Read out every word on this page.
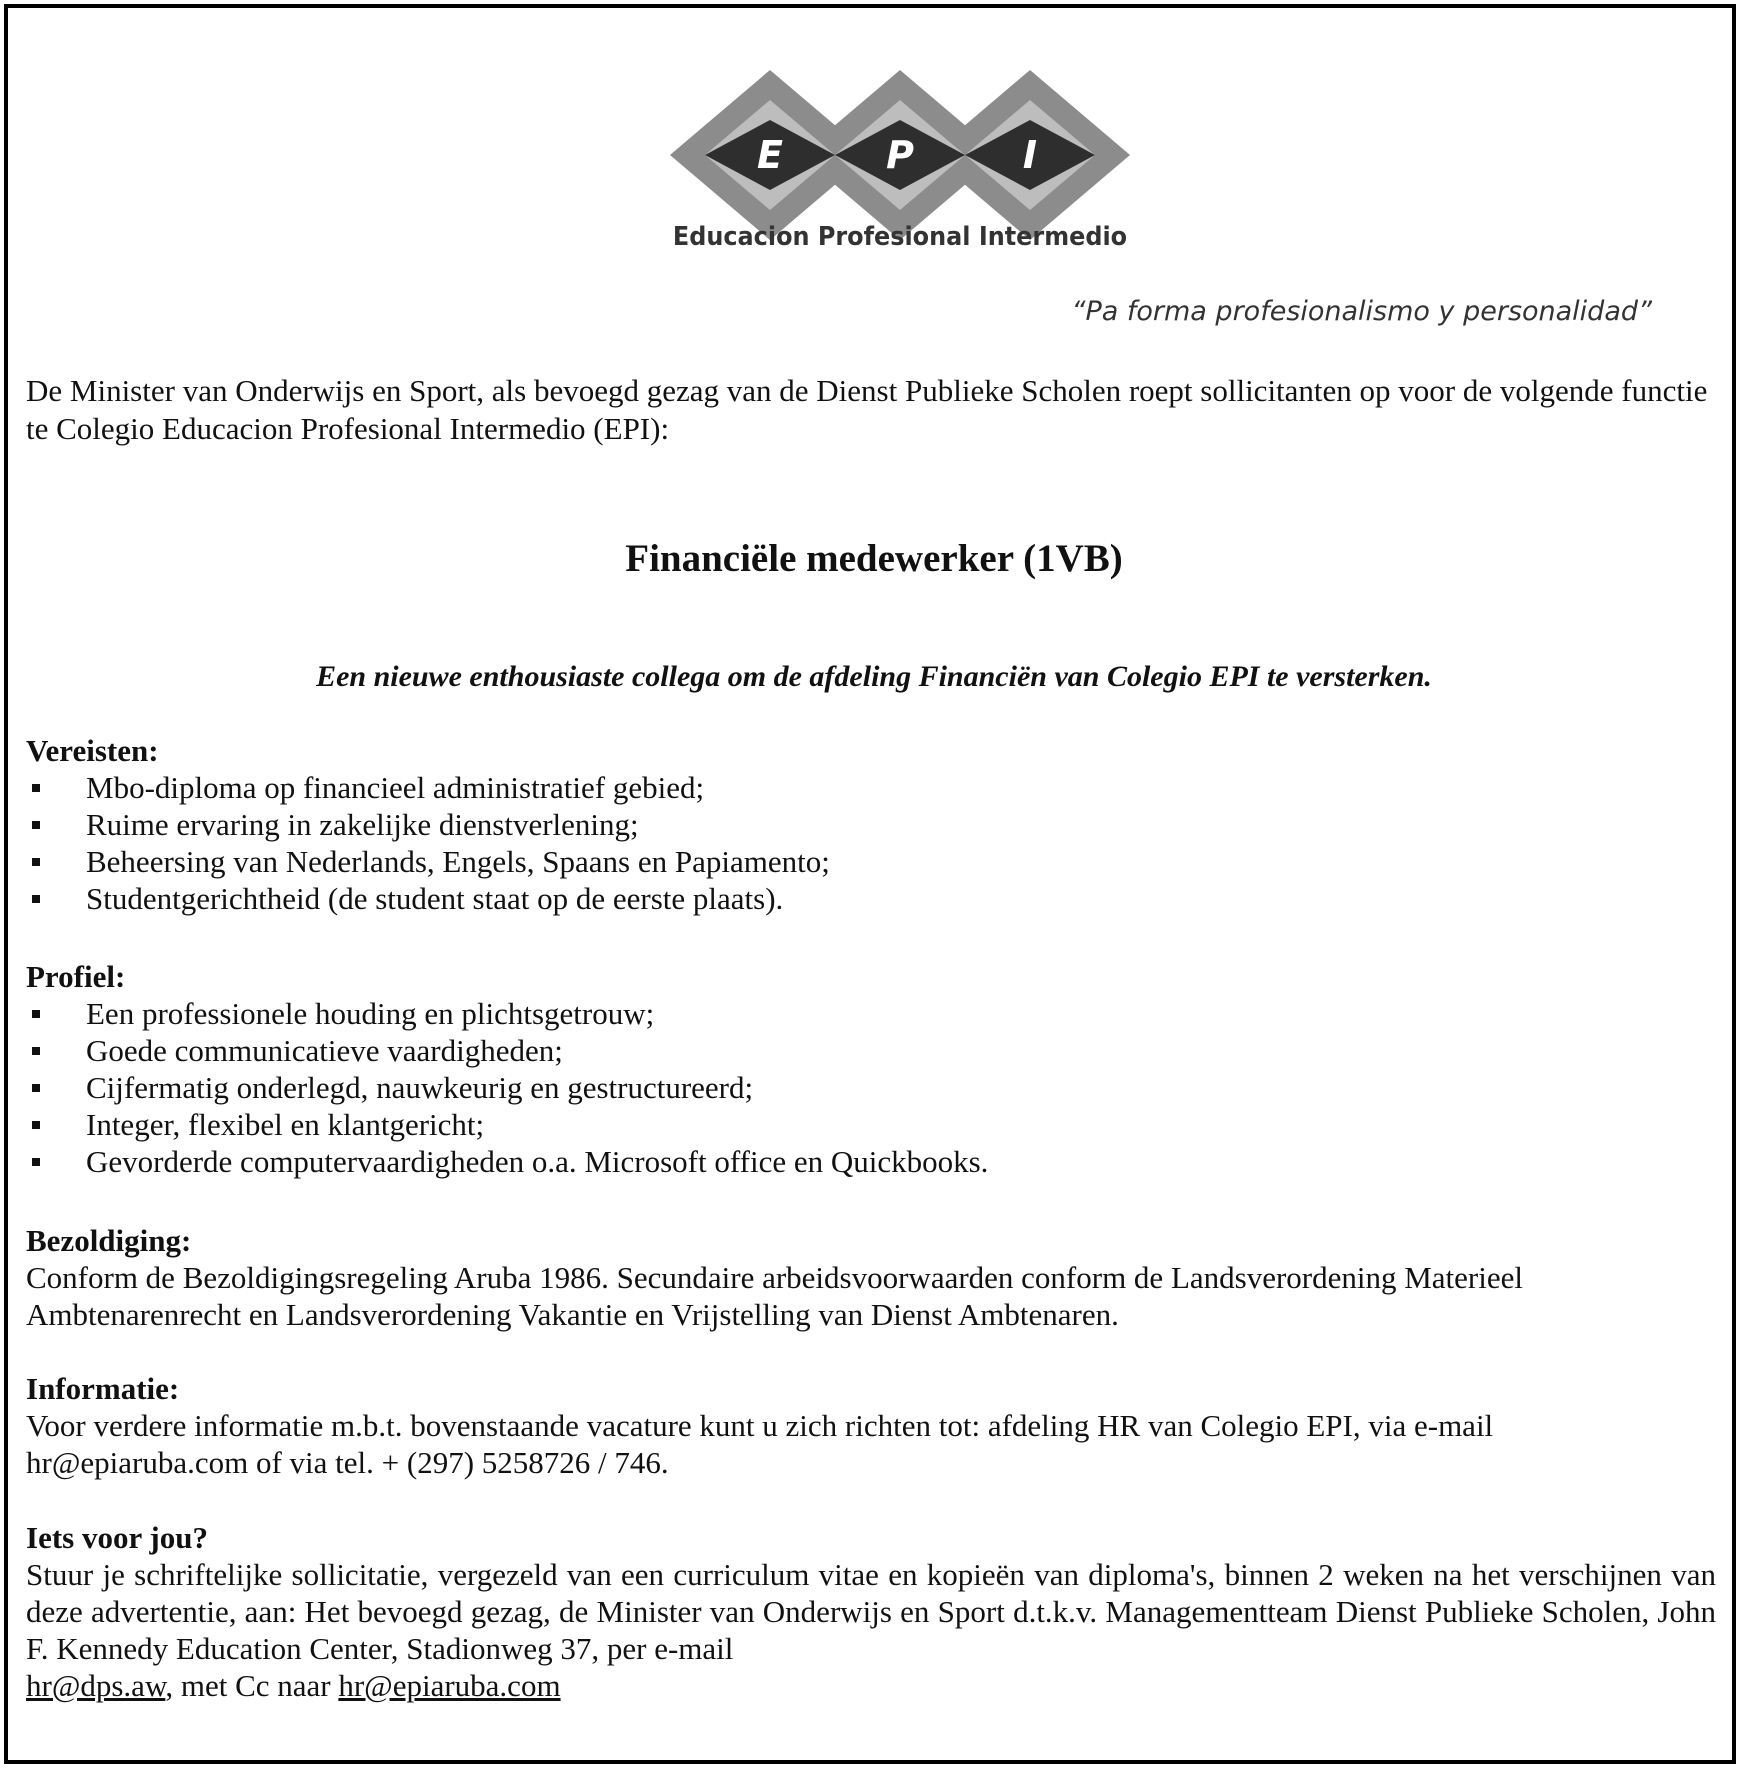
E	P	I
Educacion Profesional Intermedio
“Pa forma profesionalismo y personalidad”
De Minister van Onderwijs en Sport, als bevoegd gezag van de Dienst Publieke Scholen roept sollicitanten op voor de volgende functie te Colegio Educacion Profesional Intermedio (EPI):
Financiële medewerker (1VB)
Een nieuwe enthousiaste collega om de afdeling Financiën van Colegio EPI te versterken.
Vereisten:
Mbo-diploma op financieel administratief gebied;
Ruime ervaring in zakelijke dienstverlening;
Beheersing van Nederlands, Engels, Spaans en Papiamento;
Studentgerichtheid (de student staat op de eerste plaats).
Profiel:
Een professionele houding en plichtsgetrouw;
Goede communicatieve vaardigheden;
Cijfermatig onderlegd, nauwkeurig en gestructureerd;
Integer, flexibel en klantgericht;
Gevorderde computervaardigheden o.a. Microsoft office en Quickbooks.
Bezoldiging:
Conform de Bezoldigingsregeling Aruba 1986. Secundaire arbeidsvoorwaarden conform de Landsverordening Materieel Ambtenarenrecht en Landsverordening Vakantie en Vrijstelling van Dienst Ambtenaren.
Informatie:
Voor verdere informatie m.b.t. bovenstaande vacature kunt u zich richten tot: afdeling HR van Colegio EPI, via e-mail hr@epiaruba.com of via tel. + (297) 5258726 / 746.
Iets voor jou?
Stuur je schriftelijke sollicitatie, vergezeld van een curriculum vitae en kopieën van diploma's, binnen 2 weken na het verschijnen van deze advertentie, aan: Het bevoegd gezag, de Minister van Onderwijs en Sport d.t.k.v. Managementteam Dienst Publieke Scholen, John F. Kennedy Education Center, Stadionweg 37, per e-mail
hr@dps.aw, met Cc naar hr@epiaruba.com
